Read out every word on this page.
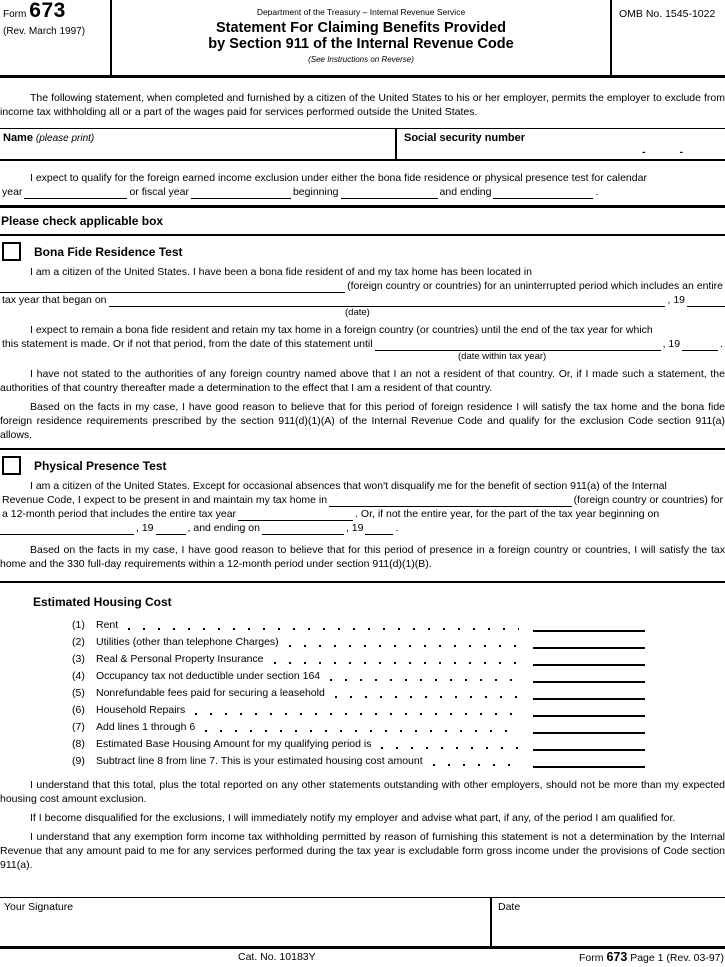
Form 673
(Rev. March 1997)
Department of the Treasury – Internal Revenue Service
Statement For Claiming Benefits Provided
by Section 911 of the Internal Revenue Code
(See Instructions on Reverse)
OMB No. 1545-1022

The following statement, when completed and furnished by a citizen of the United States to his or her employer, permits the employer to exclude from income tax withholding all or a part of the wages paid for services performed outside the United States.

Name (please print)	Social security number
-	-
I expect to qualify for the foreign earned income exclusion under either the bona fide residence or physical presence test for calendar
year	or fiscal year	beginning	and ending	.
Please check applicable box
Bona Fide Residence Test
I am a citizen of the United States. I have been a bona fide resident of and my tax home has been located in
(foreign country or countries) for an uninterrupted period which includes an entire
tax year that began on	, 19
(date)
I expect to remain a bona fide resident and retain my tax home in a foreign country (or countries) until the end of the tax year for which
this statement is made. Or if not that period, from the date of this statement until	, 19	.
(date within tax year)
I have not stated to the authorities of any foreign country named above that I an not a resident of that country. Or, if I made such a statement, the authorities of that country thereafter made a determination to the effect that I am a resident of that country.
Based on the facts in my case, I have good reason to believe that for this period of foreign residence I will satisfy the tax home and the bona fide foreign residence requirements prescribed by the section 911(d)(1)(A) of the Internal Revenue Code and qualify for the exclusion Code section 911(a) allows.
Physical Presence Test
I am a citizen of the United States. Except for occasional absences that won't disqualify me for the benefit of section 911(a) of the Internal
Revenue Code, I expect to be present in and maintain my tax home in	(foreign country or countries) for
a 12-month period that includes the entire tax year	. Or, if not the entire year, for the part of the tax year beginning on
, 19	, and ending on	, 19	.
Based on the facts in my case, I have good reason to believe that for this period of presence in a foreign country or countries, I will satisfy the tax home and the 330 full-day requirements within a 12-month period under section 911(d)(1)(B).
Estimated Housing Cost
(1)	Rent
(2)	Utilities (other than telephone Charges)
(3)	Real & Personal Property Insurance
(4)	Occupancy tax not deductible under section 164
(5)	Nonrefundable fees paid for securing a leasehold
(6)	Household Repairs
(7)	Add lines 1 through 6
(8)	Estimated Base Housing Amount for my qualifying period is
(9)	Subtract line 8 from line 7. This is your estimated housing cost amount
I understand that this total, plus the total reported on any other statements outstanding with other employers, should not be more than my expected housing cost amount exclusion.
If I become disqualified for the exclusions, I will immediately notify my employer and advise what part, if any, of the period I am qualified for.
I understand that any exemption form income tax withholding permitted by reason of furnishing this statement is not a determination by the Internal Revenue that any amount paid to me for any services performed during the tax year is excludable form gross income under the provisions of Code section 911(a).
Your Signature	Date
Cat. No. 10183Y	Form 673 Page 1 (Rev. 03-97)
